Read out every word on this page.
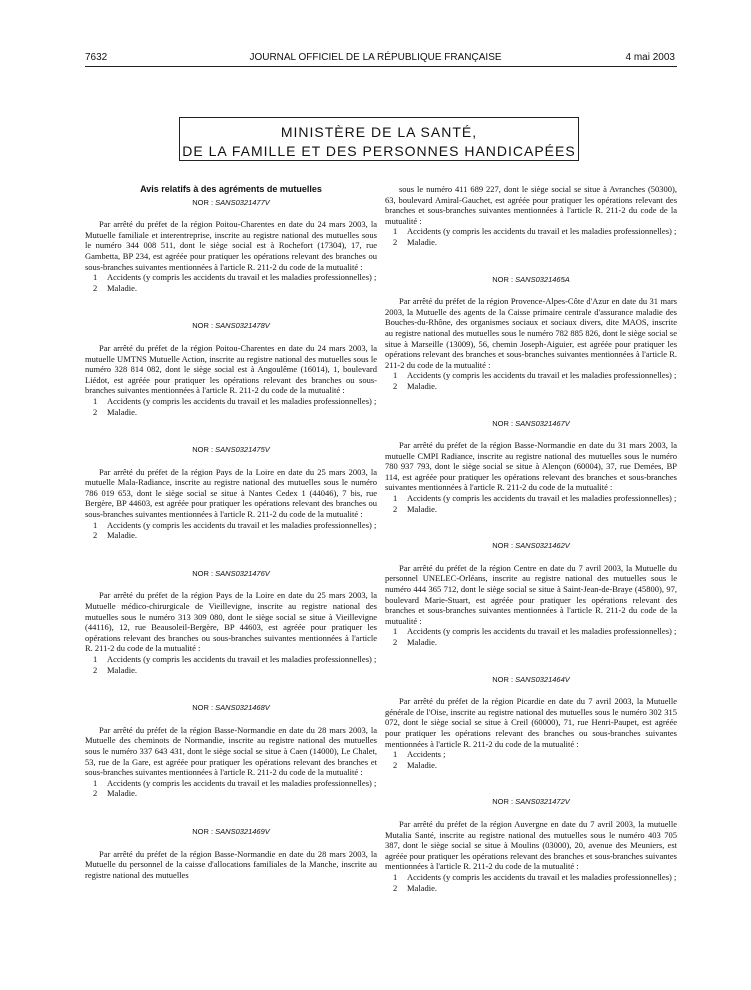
7632	JOURNAL OFFICIEL DE LA RÉPUBLIQUE FRANÇAISE	4 mai 2003
MINISTÈRE DE LA SANTÉ,
DE LA FAMILLE ET DES PERSONNES HANDICAPÉES
Avis relatifs à des agréments de mutuelles
NOR : SANS0321477V

Par arrêté du préfet de la région Poitou-Charentes en date du 24 mars 2003, la Mutuelle familiale et interentreprise, inscrite au registre national des mutuelles sous le numéro 344 008 511, dont le siège social est à Rochefort (17304), 17, rue Gambetta, BP 234, est agréée pour pratiquer les opérations relevant des branches ou sous-branches suivantes mentionnées à l'article R. 211-2 du code de la mutualité :

1 Accidents (y compris les accidents du travail et les maladies professionnelles) ;

2 Maladie.

NOR : SANS0321478V

Par arrêté du préfet de la région Poitou-Charentes en date du 24 mars 2003, la mutuelle UMTNS Mutuelle Action, inscrite au registre national des mutuelles sous le numéro 328 814 082, dont le siège social est à Angoulême (16014), 1, boulevard Liédot, est agréée pour pratiquer les opérations relevant des branches ou sous-branches suivantes mentionnées à l'article R. 211-2 du code de la mutualité :

1 Accidents (y compris les accidents du travail et les maladies professionnelles) ;

2 Maladie.

NOR : SANS0321475V

Par arrêté du préfet de la région Pays de la Loire en date du 25 mars 2003, la mutuelle Mala-Radiance, inscrite au registre national des mutuelles sous le numéro 786 019 653, dont le siège social se situe à Nantes Cedex 1 (44046), 7 bis, rue Bergère, BP 44603, est agréée pour pratiquer les opérations relevant des branches ou sous-branches suivantes mentionnées à l'article R. 211-2 du code de la mutualité :

1 Accidents (y compris les accidents du travail et les maladies professionnelles) ;

2 Maladie.

NOR : SANS0321476V

Par arrêté du préfet de la région Pays de la Loire en date du 25 mars 2003, la Mutuelle médico-chirurgicale de Vieillevigne, inscrite au registre national des mutuelles sous le numéro 313 309 080, dont le siège social se situe à Vieillevigne (44116), 12, rue Beausoleil-Bergère, BP 44603, est agréée pour pratiquer les opérations relevant des branches ou sous-branches suivantes mentionnées à l'article R. 211-2 du code de la mutualité :

1 Accidents (y compris les accidents du travail et les maladies professionnelles) ;

2 Maladie.

NOR : SANS0321468V

Par arrêté du préfet de la région Basse-Normandie en date du 28 mars 2003, la Mutuelle des cheminots de Normandie, inscrite au registre national des mutuelles sous le numéro 337 643 431, dont le siège social se situe à Caen (14000), Le Chalet, 53, rue de la Gare, est agréée pour pratiquer les opérations relevant des branches et sous-branches suivantes mentionnées à l'article R. 211-2 du code de la mutualité :

1 Accidents (y compris les accidents du travail et les maladies professionnelles) ;

2 Maladie.

NOR : SANS0321469V

Par arrêté du préfet de la région Basse-Normandie en date du 28 mars 2003, la Mutuelle du personnel de la caisse d'allocations familiales de la Manche, inscrite au registre national des mutuelles

sous le numéro 411 689 227, dont le siège social se situe à Avranches (50300), 63, boulevard Amiral-Gauchet, est agréée pour pratiquer les opérations relevant des branches et sous-branches suivantes mentionnées à l'article R. 211-2 du code de la mutualité :

1 Accidents (y compris les accidents du travail et les maladies professionnelles) ;

2 Maladie.

NOR : SANS0321465A

Par arrêté du préfet de la région Provence-Alpes-Côte d'Azur en date du 31 mars 2003, la Mutuelle des agents de la Caisse primaire centrale d'assurance maladie des Bouches-du-Rhône, des organismes sociaux et sociaux divers, dite MAOS, inscrite au registre national des mutuelles sous le numéro 782 885 826, dont le siège social se situe à Marseille (13009), 56, chemin Joseph-Aiguier, est agréée pour pratiquer les opérations relevant des branches et sous-branches suivantes mentionnées à l'article R. 211-2 du code de la mutualité :

1 Accidents (y compris les accidents du travail et les maladies professionnelles) ;

2 Maladie.

NOR : SANS0321467V

Par arrêté du préfet de la région Basse-Normandie en date du 31 mars 2003, la mutuelle CMPI Radiance, inscrite au registre national des mutuelles sous le numéro 780 937 793, dont le siège social se situe à Alençon (60004), 37, rue Demées, BP 114, est agréée pour pratiquer les opérations relevant des branches et sous-branches suivantes mentionnées à l'article R. 211-2 du code de la mutualité :

1 Accidents (y compris les accidents du travail et les maladies professionnelles) ;

2 Maladie.

NOR : SANS0321462V

Par arrêté du préfet de la région Centre en date du 7 avril 2003, la Mutuelle du personnel UNELEC-Orléans, inscrite au registre national des mutuelles sous le numéro 444 365 712, dont le siège social se situe à Saint-Jean-de-Braye (45800), 97, boulevard Marie-Stuart, est agréée pour pratiquer les opérations relevant des branches et sous-branches suivantes mentionnées à l'article R. 211-2 du code de la mutualité :

1 Accidents (y compris les accidents du travail et les maladies professionnelles) ;

2 Maladie.

NOR : SANS0321464V

Par arrêté du préfet de la région Picardie en date du 7 avril 2003, la Mutuelle générale de l'Oise, inscrite au registre national des mutuelles sous le numéro 302 315 072, dont le siège social se situe à Creil (60000), 71, rue Henri-Paupet, est agréée pour pratiquer les opérations relevant des branches ou sous-branches suivantes mentionnées à l'article R. 211-2 du code de la mutualité :

1 Accidents ;

2 Maladie.

NOR : SANS0321472V

Par arrêté du préfet de la région Auvergne en date du 7 avril 2003, la mutuelle Mutalia Santé, inscrite au registre national des mutuelles sous le numéro 403 705 387, dont le siège social se situe à Moulins (03000), 20, avenue des Meuniers, est agréée pour pratiquer les opérations relevant des branches et sous-branches suivantes mentionnées à l'article R. 211-2 du code de la mutualité :

1 Accidents (y compris les accidents du travail et les maladies professionnelles) ;

2 Maladie.
